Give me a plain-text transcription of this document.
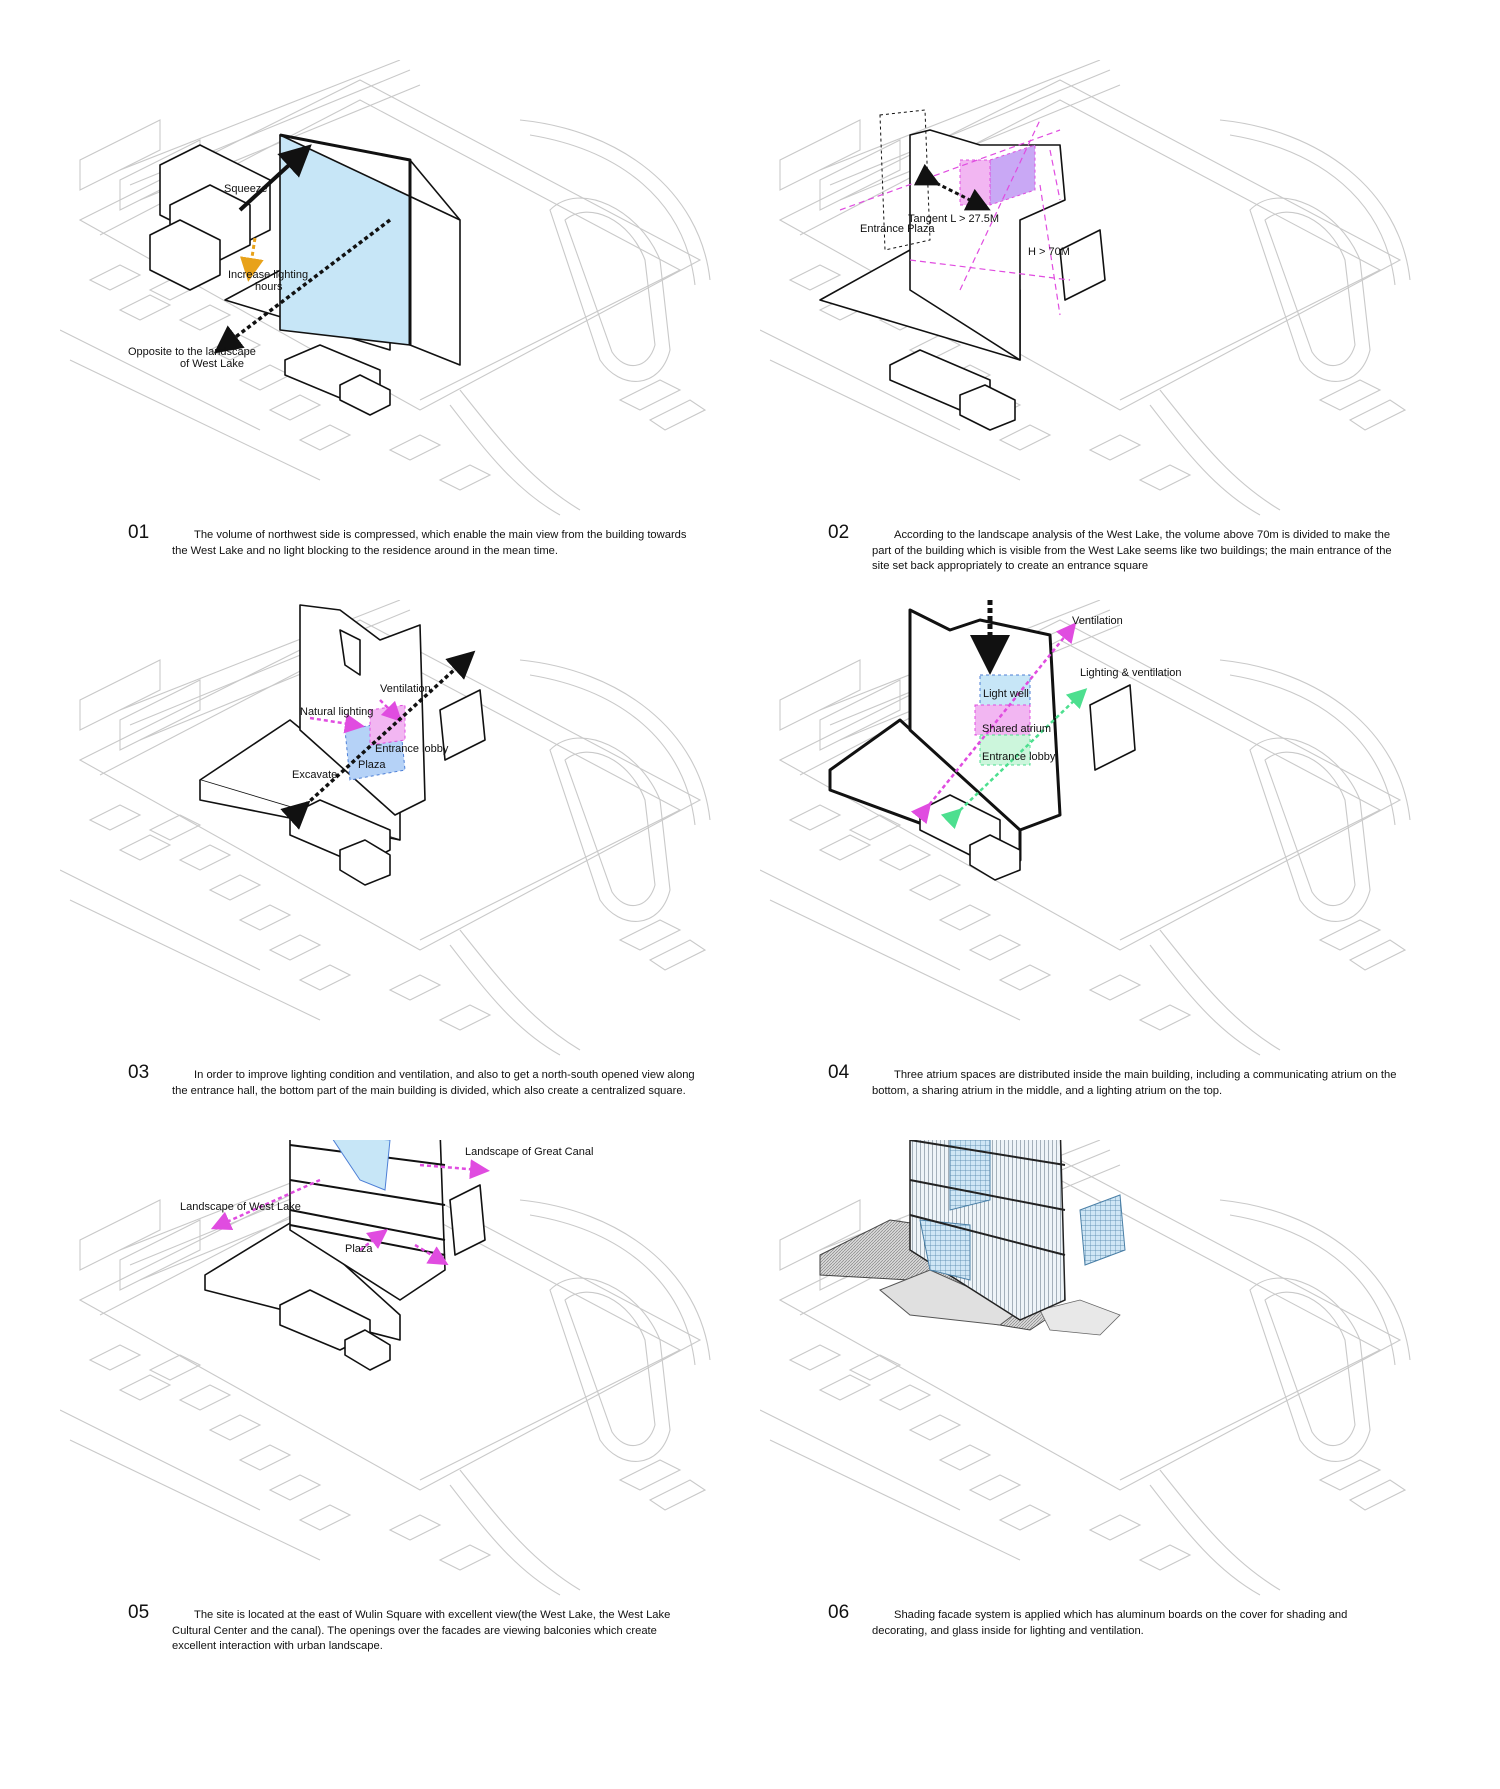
Squeeze
Increase lighting
hours
Opposite to the landscape
of West Lake
01	The volume of northwest side is compressed, which enable the main view from the building towards the West Lake and no light blocking to the residence around in the mean time.
Tangent L > 27.5M
Entrance Plaza
H > 70M
02	According to the landscape analysis of the West Lake, the volume above 70m is divided to make the part of the building which is visible from the West Lake seems like two buildings; the main entrance of the site set back appropriately to create an entrance square
Ventilation
Natural lighting
Entrance lobby
Excavate
Plaza
03	In order to improve lighting condition and ventilation, and also to get a north-south opened view along the entrance hall, the bottom part of the main building is divided, which also create a centralized square.
Ventilation
Lighting & ventilation
Light well
Shared atrium
Entrance lobby
04	Three atrium spaces are distributed inside the main building, including a communicating atrium on the bottom, a sharing atrium in the middle, and a lighting atrium on the top.
Landscape of Great Canal
Landscape of West Lake
Plaza
05	The site is located at the east of Wulin Square with excellent view(the West Lake, the West Lake Cultural Center and the canal). The openings over the facades are viewing balconies which create excellent interaction with urban landscape.
06	Shading facade system is applied which has aluminum boards on the cover for shading and decorating, and glass inside for lighting and ventilation.
